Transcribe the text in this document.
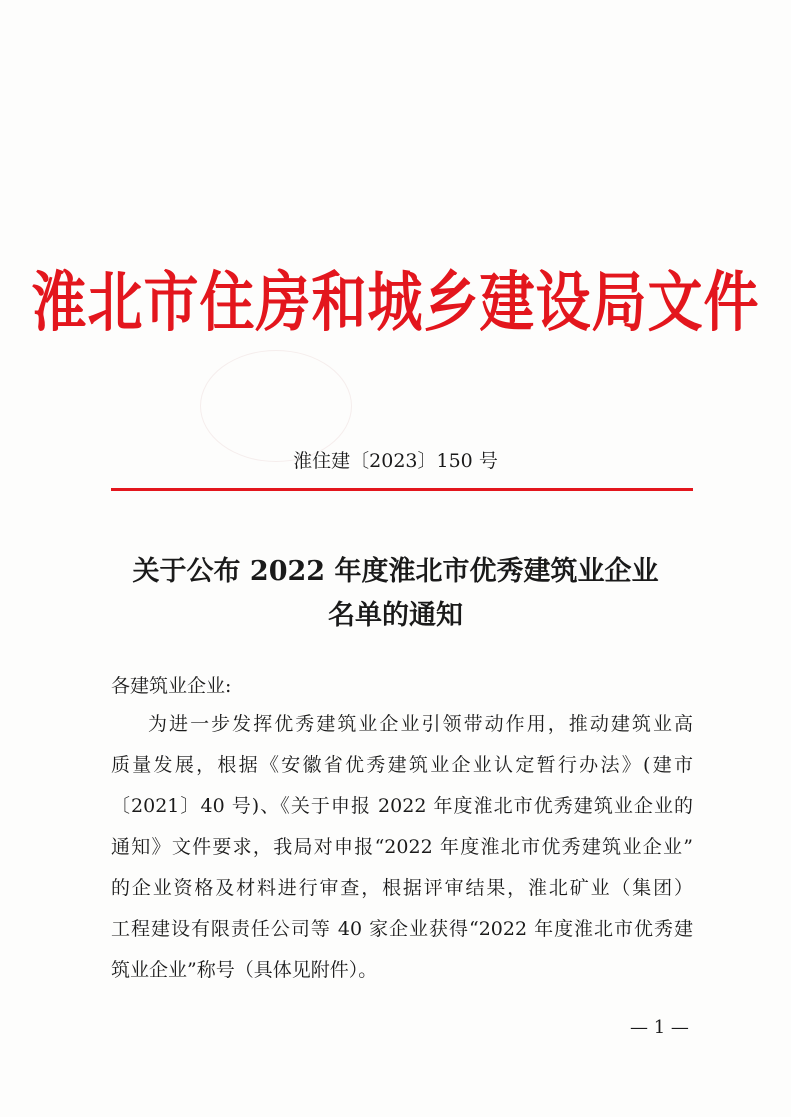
淮北市住房和城乡建设局文件
淮住建〔2023〕150 号
关于公布 2022 年度淮北市优秀建筑业企业
名单的通知
各建筑业企业:
为进一步发挥优秀建筑业企业引领带动作用，推动建筑业高
质量发展，根据《安徽省优秀建筑业企业认定暂行办法》(建市
〔2021〕40 号)、《关于申报 2022 年度淮北市优秀建筑业企业的
通知》文件要求，我局对申报“2022 年度淮北市优秀建筑业企业”
的企业资格及材料进行审查，根据评审结果，淮北矿业（集团）
工程建设有限责任公司等 40 家企业获得“2022 年度淮北市优秀建
筑业企业”称号（具体见附件）。
— 1 —
